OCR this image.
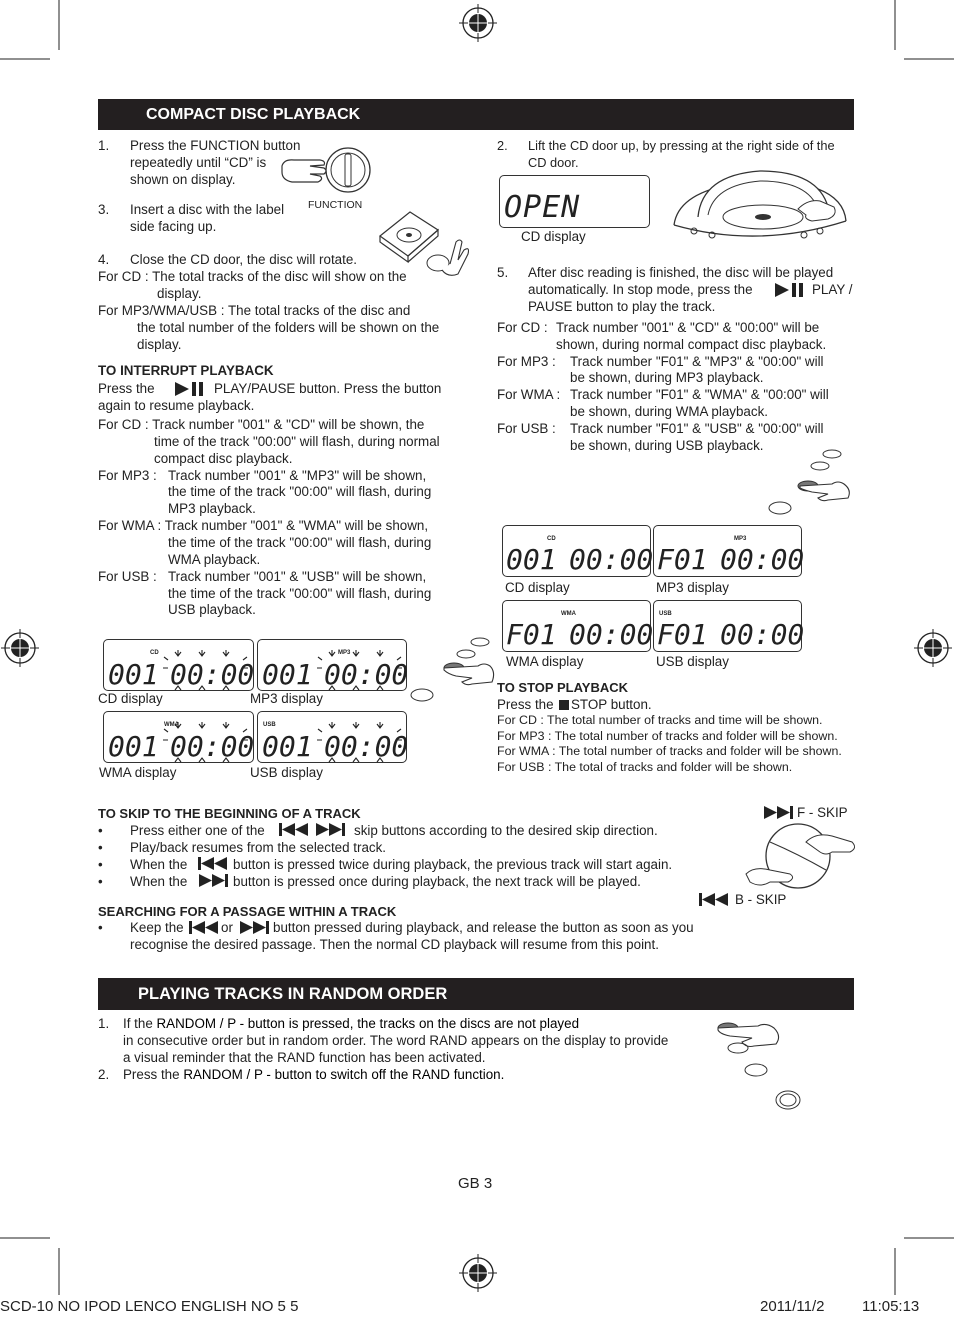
COMPACT DISC PLAYBACK
1. Press the FUNCTION button
repeatedly until “CD” is
shown on display.
FUNCTION
3. Insert a disc with the label
side facing up.
4. Close the CD door, the disc will rotate.
For CD : The total tracks of the disc will show on the
display.
For MP3/WMA/USB : The total tracks of the disc and
the total number of the folders will be shown on the
display.
TO INTERRUPT PLAYBACK
Press the	PLAY/PAUSE button. Press the button
again to resume playback.
For CD : Track number "001" & "CD" will be shown, the
time of the track "00:00" will flash, during normal
compact disc playback.
For MP3 : Track number "001" & "MP3" will be shown,
the time of the track "00:00" will flash, during
MP3 playback.
For WMA : Track number "001" & "WMA" will be shown,
the time of the track "00:00" will flash, during
WMA playback.
For USB : Track number "001" & "USB" will be shown,
the time of the track "00:00" will flash, during
USB playback.
CD
001 00:00
MP3
001 00:00
CD display	MP3 display
WMA
001 00:00
USB
001 00:00
WMA display	USB display
2. Lift the CD door up, by pressing at the right side of the
CD door.
OPEN
CD display
5. After disc reading is finished, the disc will be played
automatically. In stop mode, press the	PLAY /
PAUSE button to play the track.
For CD : Track number "001" & "CD" & "00:00" will be
shown, during normal compact disc playback.
For MP3 : Track number "F01" & "MP3" & "00:00" will
be shown, during MP3 playback.
For WMA : Track number "F01" & "WMA" & "00:00" will
be shown, during WMA playback.
For USB : Track number "F01" & "USB" & "00:00" will
be shown, during USB playback.
CD
001 00:00
MP3
F01 00:00
CD display	MP3 display
WMA
F01 00:00
USB
F01 00:00
WMA display	USB display
TO STOP PLAYBACK
Press the STOP button.
For CD : The total number of tracks and time will be shown.
For MP3 : The total number of tracks and folder will be shown.
For WMA : The total number of tracks and folder will be shown.
For USB : The total of tracks and folder will be shown.
TO SKIP TO THE BEGINNING OF A TRACK
• Press either one of the	skip buttons according to the desired skip direction.
• Play/back resumes from the selected track.
• When the	button is pressed twice during playback, the previous track will start again.
• When the	button is pressed once during playback, the next track will be played.
F - SKIP
B - SKIP
SEARCHING FOR A PASSAGE WITHIN A TRACK
• Keep the	or	button pressed during playback, and release the button as soon as you
recognise the desired passage. Then the normal CD playback will resume from this point.
PLAYING TRACKS IN RANDOM ORDER
1. If the RANDOM / P - button is pressed, the tracks on the discs are not played
in consecutive order but in random order. The word RAND appears on the display to provide
a visual reminder that the RAND function has been activated.
2. Press the RANDOM / P - button to switch off the RAND function.
GB 3
SCD-10 NO IPOD LENCO ENGLISH NO 5 5	2011/11/2 11:05:13
